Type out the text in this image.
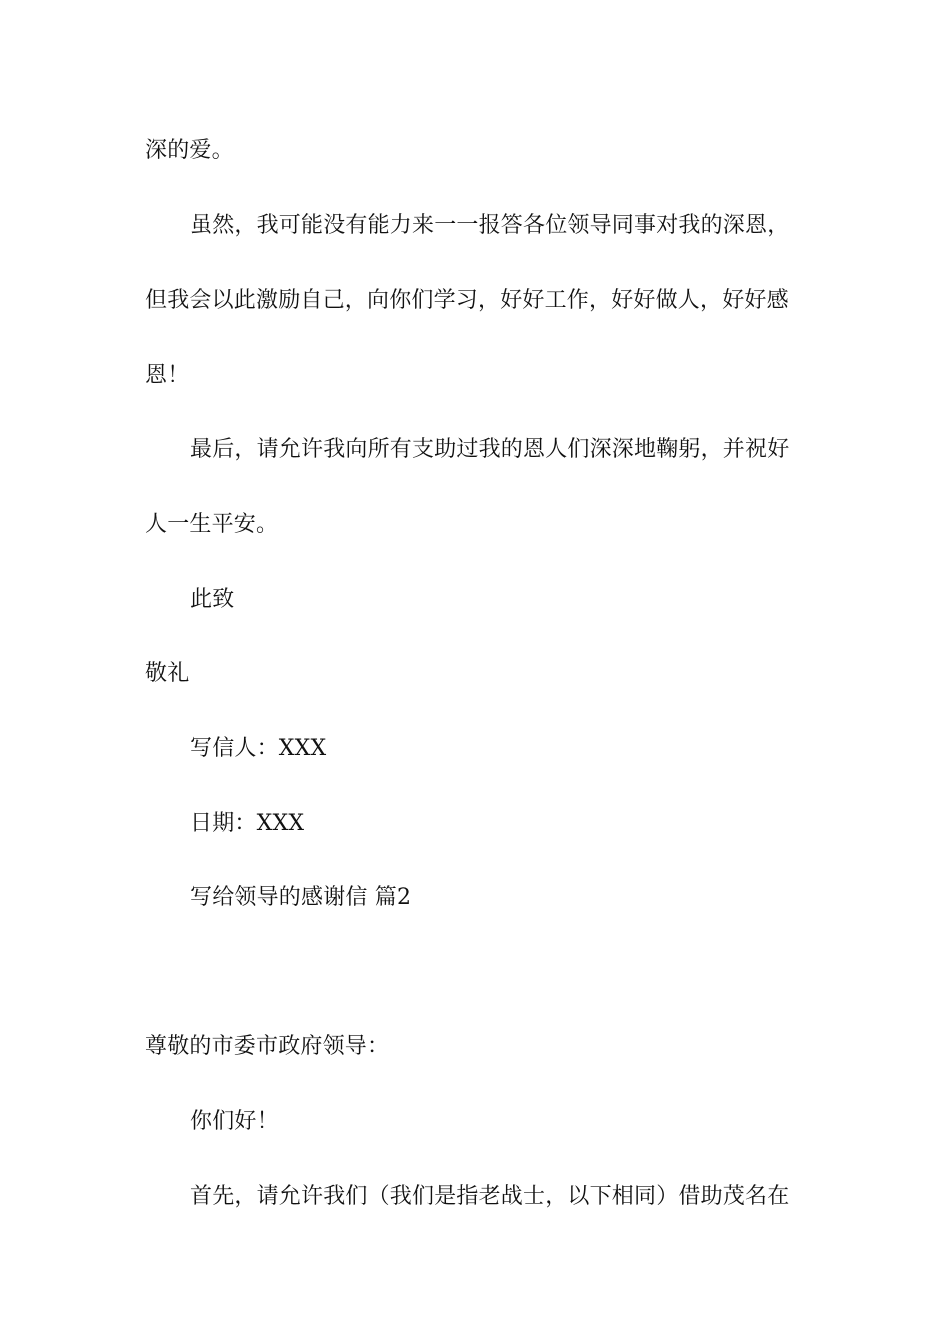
深的爱。
虽然，我可能没有能力来一一报答各位领导同事对我的深恩，
但我会以此激励自己，向你们学习，好好工作，好好做人，好好感
恩！
最后，请允许我向所有支助过我的恩人们深深地鞠躬，并祝好
人一生平安。
此致
敬礼
写信人：XXX
日期：XXX
写给领导的感谢信 篇2
尊敬的市委市政府领导：
你们好！
首先，请允许我们（我们是指老战士，以下相同）借助茂名在
